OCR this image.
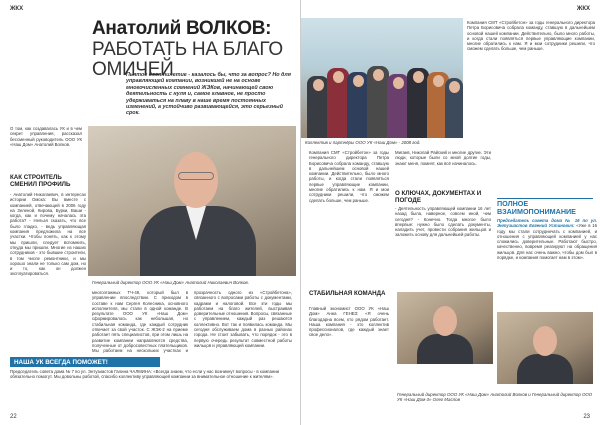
ЖКХ
Анатолий ВОЛКОВ:
РАБОТАТЬ НА БЛАГО ОМИЧЕЙ
Пьятое десятилетие - казалось бы, что за вопрос? Но для управляющей компании, возникшей не на основе многочисленных сомнений ЖЭКов, начинающей свою деятельность с нуля и, самое главное, не просто удерживаться на плаву в наше время постоянных изменений, а устойчиво развивающейся, это серьезный срок.
О том, как создавалась УК и в чем секрет управления, рассказал бессменный руководитель ООО УК «Наш Дом» Анатолий Волков.
Генеральный директор ООО УК «Наш Дом» Анатолий Николаевич Волков.
КАК СТРОИТЕЛЬ СМЕНИЛ ПРОФИЛЬ
- Анатолий Николаевич, в интересах истории Омска: Вы вместе с компанией, отвечающей в 2006 году на Зеленой, Кирова, Бурки, Ваши - когда, как и почему началась эта работа? - Нельзя сказать, что все было гладко, - ведь управляющая компания предложила на все участки. Чтобы понять, как к этому мы пришли, следует вспомнить, откуда мы пришли. Многие из наших сотрудников - это бывшие строители, в том числе ремонтники, и мы хорошо знали не только сам дом, но и то, как он должен эксплуатироваться.
многоэтажных ТЧ-49, который был в управлении впоследствии. С приходом в составе к нам Сергея Колесника, основного исполнителя, мы стали в одной команде. В результате ООО УК «Наш Дом» сформировалось как небольшая, но стабильная команда, где каждый сотрудник отвечает за свой участок. С ЖЭК-2 на приеме работает пять специалистов, при этом лишь на развитие компании направляются средства, полученные от добросовестных плательщиков. Мы работаем на нескольких участках и
прозрачность одного из «Стройбетона», связанного с вопросами работы с документами, кадрами и налоговой. Все эти годы мы работаем на благо жителей, выстраивая доверительные отношения. Вопросы, связанные с управлением, каждый раз решаются коллективно. Вот так и появилась команда. Мы сегодня обслуживаем дома в разных районах города. Не стоит забывать, что порядок - это в первую очередь результат совместной работы жильцов и управляющей компании.
НАША УК ВСЕГДА ПОМОЖЕТ!
Председатель совета дома № 7 по ул. Энтузиастов Галина ЧАЛМИНА: «Всегда знаем, что если у нас возникнут вопросы - в компании обязательно помогут. Мы довольны работой, спасибо коллективу управляющей компании за внимательное отношение к жителям».
22
ЖКХ
Коллектив и партнёры ООО УК «Наш Дом» - 2008 год.
Компания СМТ «Стройбетон» за годы генерального директора Петра Борисовича собрала команду, ставшую в дальнейшем основой нашей компании. Действительно, было много работы, и когда стали появляться первые управляющие компании, многие обратились к нам. Я и мои сотрудники решили, что сможем сделать больше, чем раньше.
Компания СМТ «Стройбетон» за годы генерального директора Петра Борисовича собрала команду, ставшую в дальнейшем основой нашей компании. Действительно, было много работы, и когда стали появляться первые управляющие компании, многие обратились к нам. Я и мои сотрудники решили, что сможем сделать больше, чем раньше.
Мигаев, Николай Райский и многие другие. Эти люди, которые были со мной долгие годы, знают меня, помнят, как всё начиналось.
О КЛЮЧАХ, ДОКУМЕНТАХ И ПОГОДЕ
- Деятельность управляющей компании 16 лет назад была, наверное, совсем иной, чем сегодня? - Конечно. Тогда многое было впервые: нужно было сделать документы, наладить учет, провести собрания жильцов и заложить основу для дальнейшей работы.
СТАБИЛЬНАЯ КОМАНДА
Главный экономист ООО УК «Наш Дом» Анна ГЕНЕЗ: «Я очень благодарна всем, кто рядом работает. Наша компания - это коллектив профессионалов, где каждый знает свое дело».
ПОЛНОЕ ВЗАИМОПОНИМАНИЕ
Председатель совета дома № 16 по ул. Энтузиастов Евгений Устинович: «Уже в 16 году мы стали сотрудничать с компанией, и отношения с управляющей компанией у нас сложились доверительные. Работают быстро, качественно, вовремя реагируют на обращения жильцов. Для нас очень важно, чтобы дом был в порядке, и компания помогает нам в этом».
Генеральный директор ООО УК «Наш Дом» Анатолий Волков и Генеральный директор ООО УК «Наш Дом-3» Олег Маслов
23
